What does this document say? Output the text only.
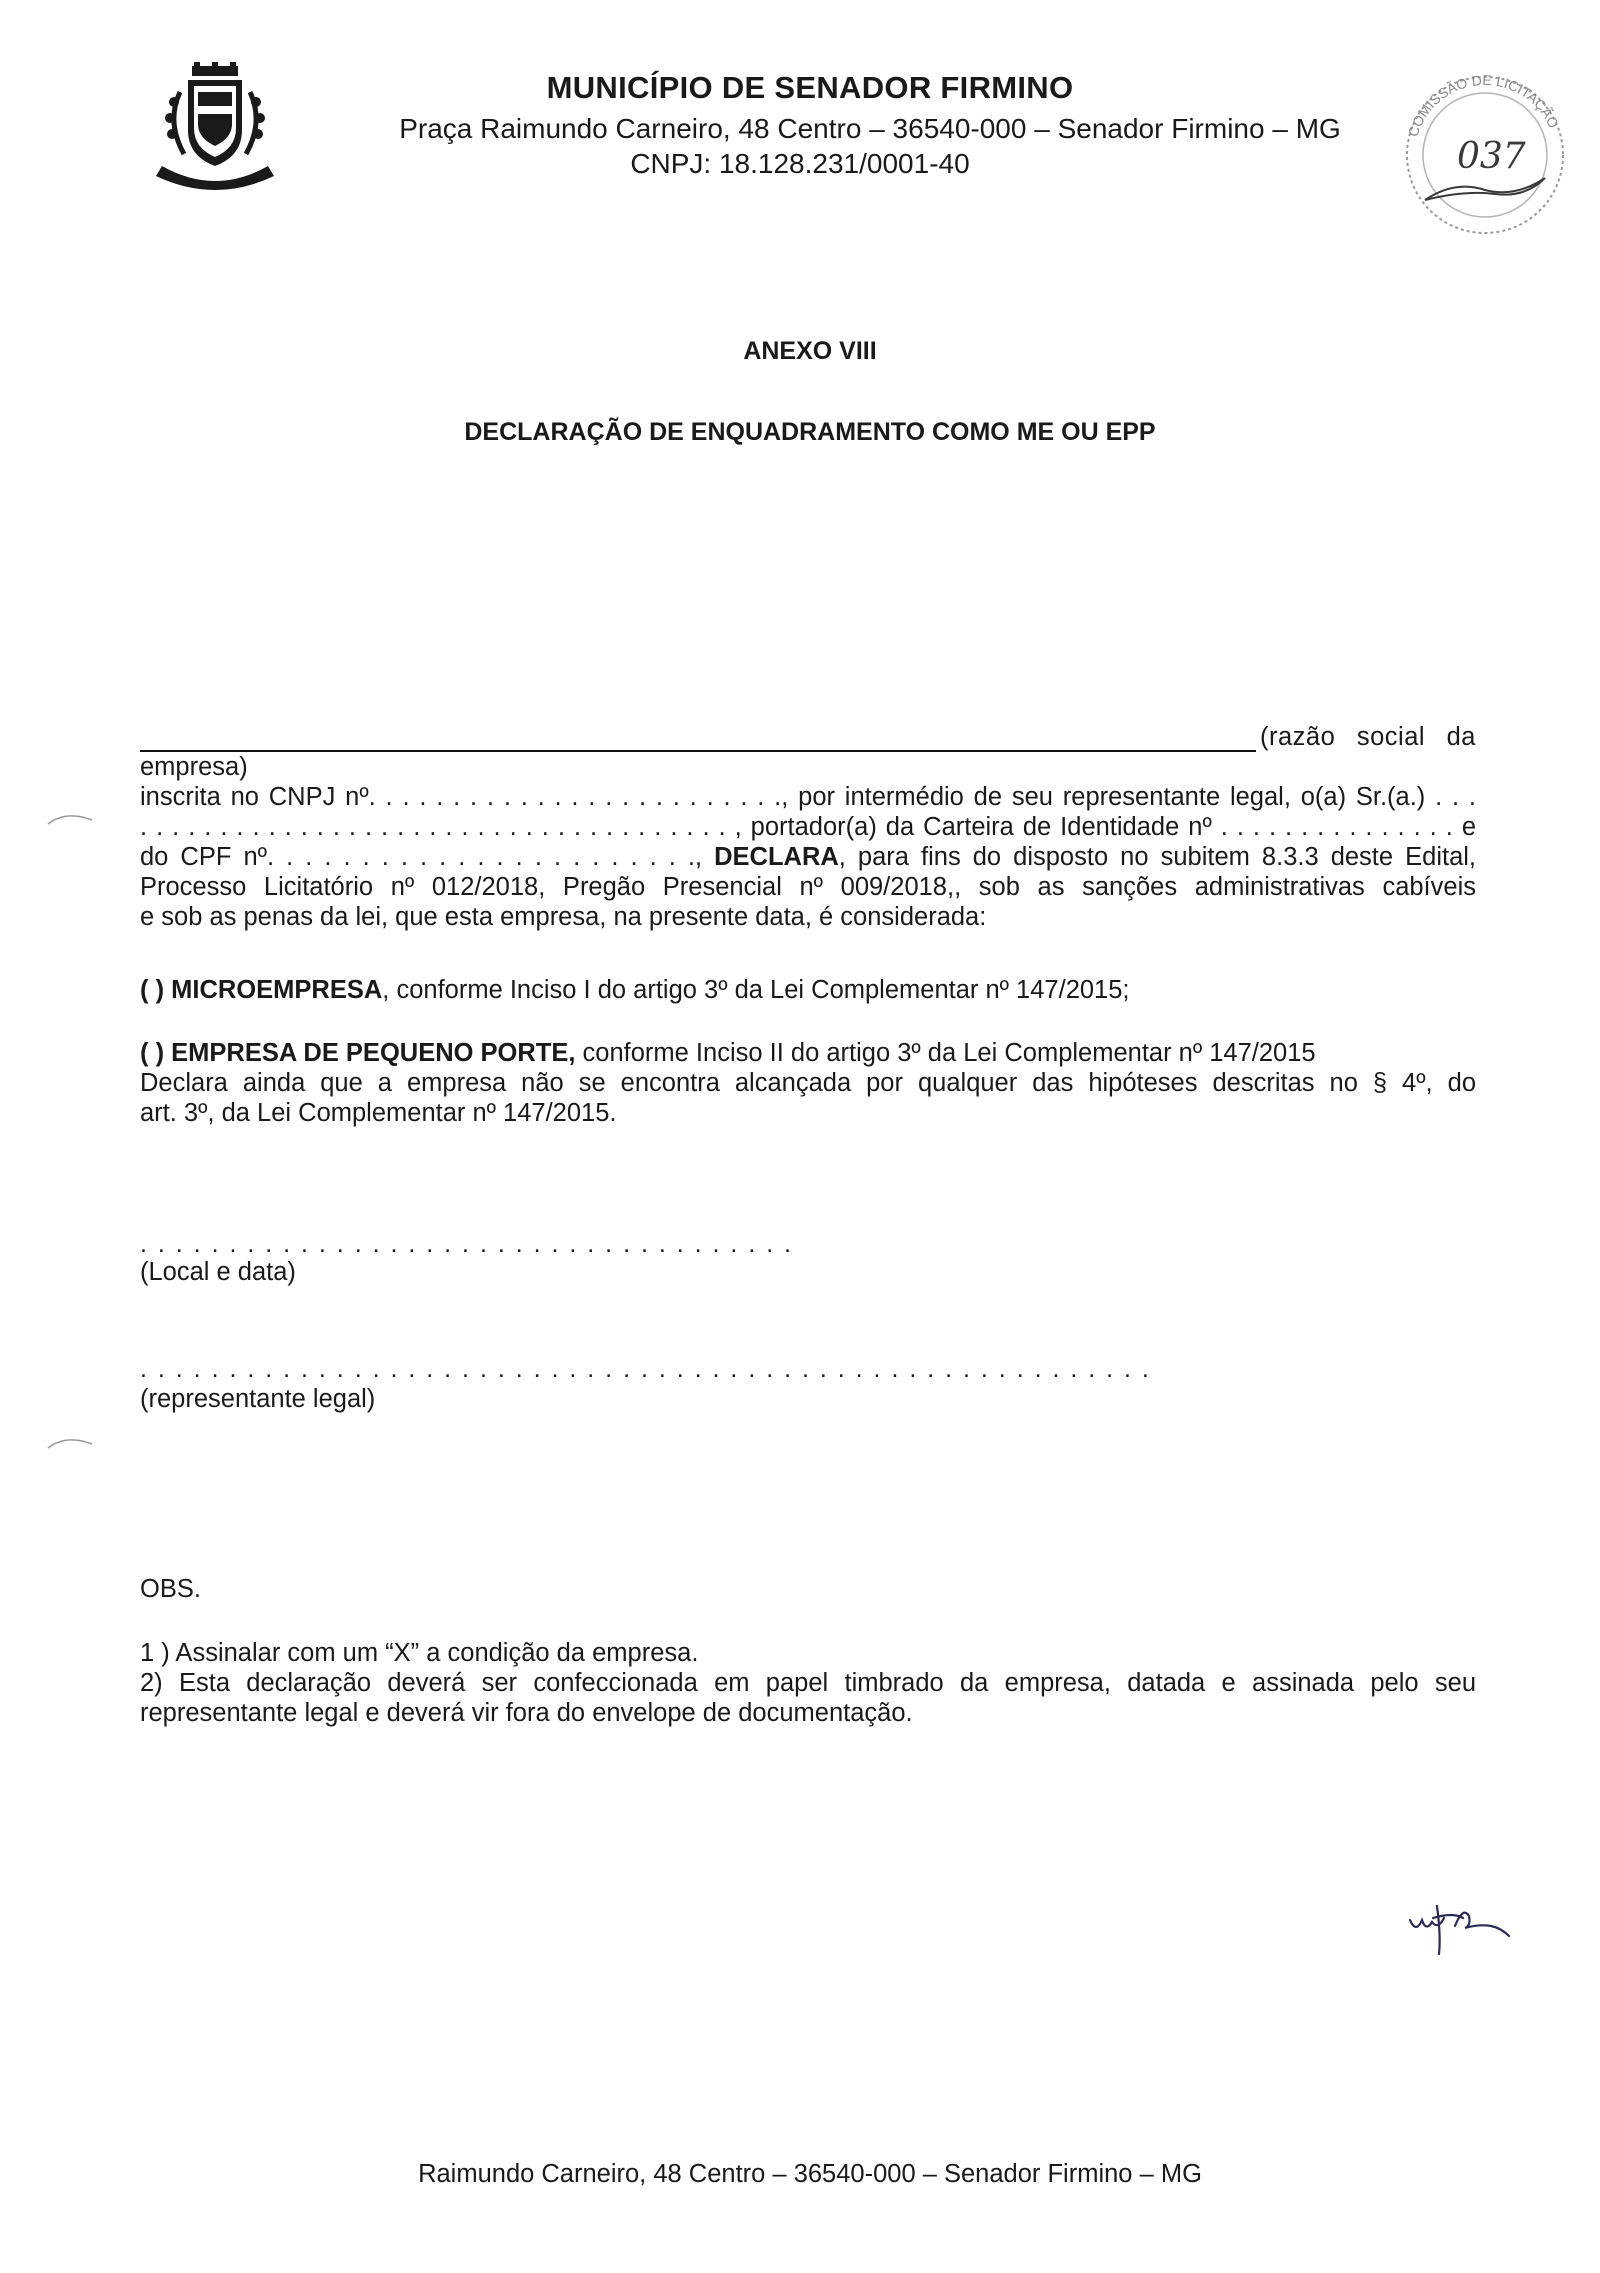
MUNICÍPIO DE SENADOR FIRMINO

Praça Raimundo Carneiro, 48 Centro – 36540-000 – Senador Firmino – MG

CNPJ: 18.128.231/0001-40

COMISSÃO DE LICITAÇÃO
037

ANEXO VIII

DECLARAÇÃO DE ENQUADRAMENTO COMO ME OU EPP

(razão social da
empresa)
inscrita no CNPJ nº. . . . . . . . . . . . . . . . . . . . . . . . ., por intermédio de seu representante legal, o(a) Sr.(a.) . . .
. . . . . . . . . . . . . . . . . . . . . . . . . . . . . . . . . . . . . , portador(a) da Carteira de Identidade nº . . . . . . . . . . . . . . . e
do CPF nº. . . . . . . . . . . . . . . . . . . . . . ., DECLARA, para fins do disposto no subitem 8.3.3 deste Edital,
Processo Licitatório nº 012/2018, Pregão Presencial nº 009/2018,, sob as sanções administrativas cabíveis
e sob as penas da lei, que esta empresa, na presente data, é considerada:
( ) MICROEMPRESA, conforme Inciso I do artigo 3º da Lei Complementar nº 147/2015;
( ) EMPRESA DE PEQUENO PORTE, conforme Inciso II do artigo 3º da Lei Complementar nº 147/2015
Declara ainda que a empresa não se encontra alcançada por qualquer das hipóteses descritas no § 4º, do
art. 3º, da Lei Complementar nº 147/2015.
. . . . . . . . . . . . . . . . . . . . . . . . . . . . . . . . . . . . .
(Local e data)
. . . . . . . . . . . . . . . . . . . . . . . . . . . . . . . . . . . . . . . . . . . . . . . . . . . . . . . . .
(representante legal)
OBS.
1 ) Assinalar com um “X” a condição da empresa.
2) Esta declaração deverá ser confeccionada em papel timbrado da empresa, datada e assinada pelo seu
representante legal e deverá vir fora do envelope de documentação.
Raimundo Carneiro, 48 Centro – 36540-000 – Senador Firmino – MG
